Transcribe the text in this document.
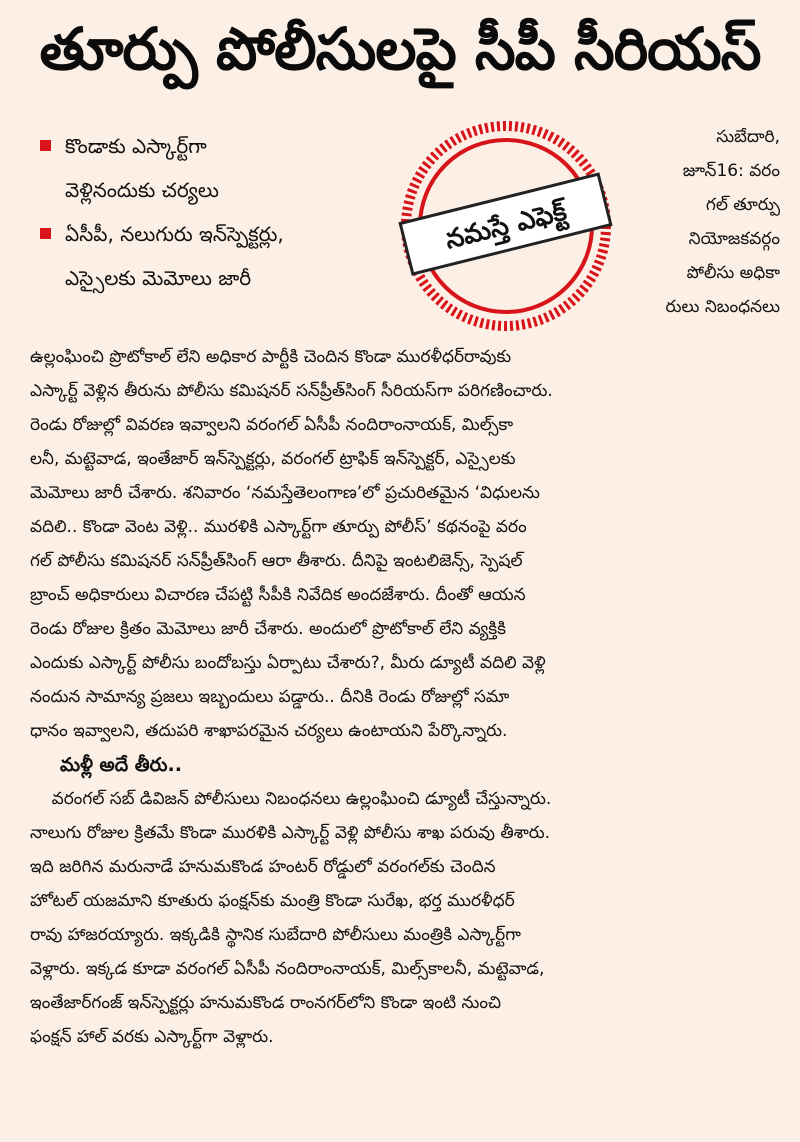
తూర్పు పోలీసులపై సీపీ సీరియస్
కొండాకు ఎస్కార్ట్‌గా
వెళ్లినందుకు చర్యలు
ఏసీపీ, నలుగురు ఇన్‌స్పెక్టర్లు,
ఎస్సైలకు మెమోలు జారీ
నమస్తే ఎఫెక్ట్
సుబేదారి,
జూన్16: వరం
గల్ తూర్పు
నియోజకవర్గం
పోలీసు అధికా
రులు నిబంధనలు
ఉల్లంఘించి ప్రొటోకాల్ లేని అధికార పార్టీకి చెందిన కొండా మురళీధర్‌రావుకు
ఎస్కార్ట్ వెళ్లిన తీరును పోలీసు కమిషనర్ సన్‌ప్రీత్‌సింగ్ సీరియస్‌గా పరిగణించారు.
రెండు రోజుల్లో వివరణ ఇవ్వాలని వరంగల్ ఏసీపీ నందిరాంనాయక్, మిల్స్‌కా
లనీ, మట్టెవాడ, ఇంతేజార్ ఇన్‌స్పెక్టర్లు, వరంగల్ ట్రాఫిక్ ఇన్‌స్పెక్టర్, ఎస్సైలకు
మెమోలు జారీ చేశారు. శనివారం ‘నమస్తేతెలంగాణ’లో ప్రచురితమైన ‘విధులను
వదిలి.. కొండా వెంట వెళ్లి.. మురళికి ఎస్కార్ట్‌గా తూర్పు పోలీస్’ కథనంపై వరం
గల్ పోలీసు కమిషనర్ సన్‌ప్రీత్‌సింగ్ ఆరా తీశారు. దీనిపై ఇంటలిజెన్స్, స్పెషల్
బ్రాంచ్ అధికారులు విచారణ చేపట్టి సీపీకి నివేదిక అందజేశారు. దీంతో ఆయన
రెండు రోజుల క్రితం మెమోలు జారీ చేశారు. అందులో ప్రొటోకాల్ లేని వ్యక్తికి
ఎందుకు ఎస్కార్ట్ పోలీసు బందోబస్తు ఏర్పాటు చేశారు?, మీరు డ్యూటీ వదిలి వెళ్లి
నందున సామాన్య ప్రజలు ఇబ్బందులు పడ్డారు.. దీనికి రెండు రోజుల్లో సమా
ధానం ఇవ్వాలని, తదుపరి శాఖాపరమైన చర్యలు ఉంటాయని పేర్కొన్నారు.
మళ్లీ అదే తీరు..
వరంగల్ సబ్ డివిజన్ పోలీసులు నిబంధనలు ఉల్లంఘించి డ్యూటీ చేస్తున్నారు.
నాలుగు రోజుల క్రితమే కొండా మురళికి ఎస్కార్ట్ వెళ్లి పోలీసు శాఖ పరువు తీశారు.
ఇది జరిగిన మరునాడే హనుమకొండ హంటర్ రోడ్డులో వరంగల్‌కు చెందిన
హోటల్ యజమాని కూతురు ఫంక్షన్‌కు మంత్రి కొండా సురేఖ, భర్త మురళీధర్
రావు హాజరయ్యారు. ఇక్కడికి స్థానిక సుబేదారి పోలీసులు మంత్రికి ఎస్కార్ట్‌గా
వెళ్లారు. ఇక్కడ కూడా వరంగల్ ఏసీపీ నందిరాంనాయక్, మిల్స్‌కాలనీ, మట్టెవాడ,
ఇంతేజార్‌గంజ్ ఇన్‌స్పెక్టర్లు హనుమకొండ రాంనగర్‌లోని కొండా ఇంటి నుంచి
ఫంక్షన్ హాల్ వరకు ఎస్కార్ట్‌గా వెళ్లారు.
